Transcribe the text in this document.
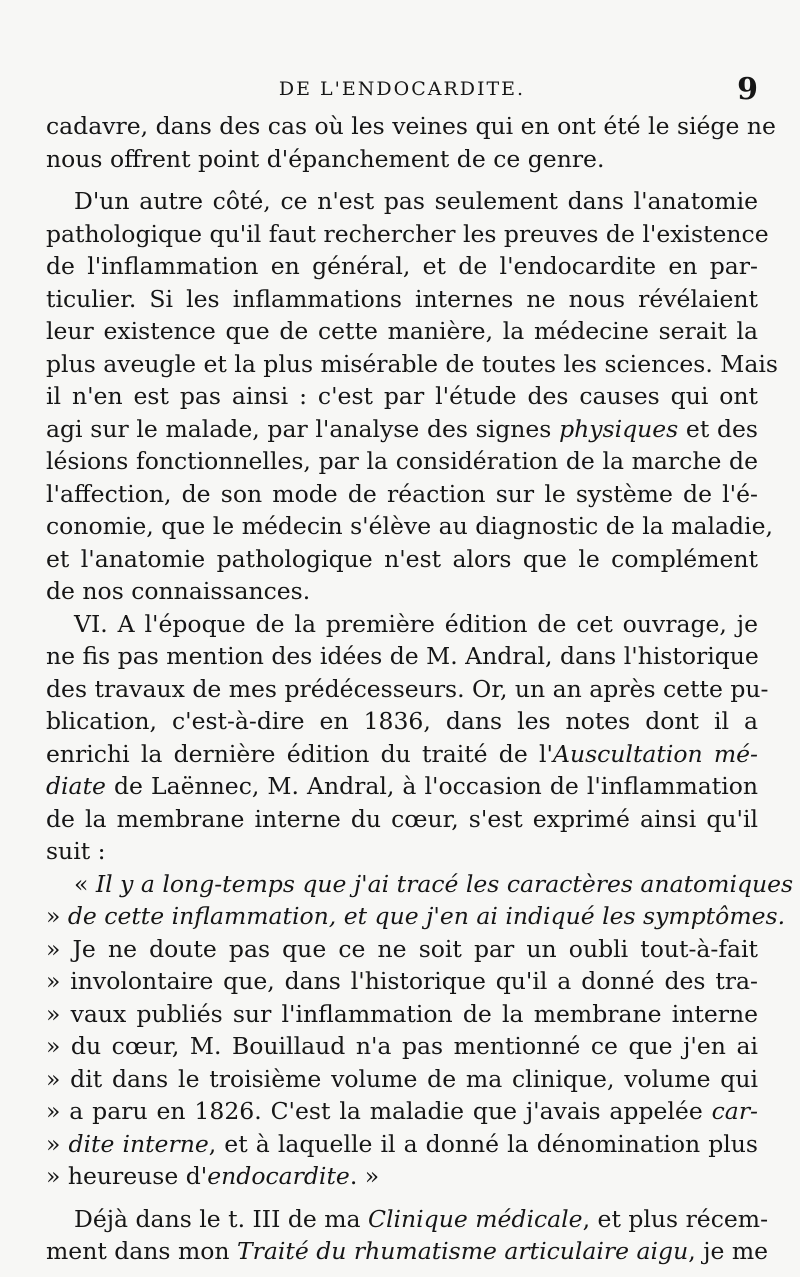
DE L'ENDOCARDITE.	9
cadavre, dans des cas où les veines qui en ont été le siége ne
nous offrent point d'épanchement de ce genre.
D'un autre côté, ce n'est pas seulement dans l'anatomie
pathologique qu'il faut rechercher les preuves de l'existence
de l'inflammation en général, et de l'endocardite en par-
ticulier. Si les inflammations internes ne nous révélaient
leur existence que de cette manière, la médecine serait la
plus aveugle et la plus misérable de toutes les sciences. Mais
il n'en est pas ainsi : c'est par l'étude des causes qui ont
agi sur le malade, par l'analyse des signes physiques et des
lésions fonctionnelles, par la considération de la marche de
l'affection, de son mode de réaction sur le système de l'é-
conomie, que le médecin s'élève au diagnostic de la maladie,
et l'anatomie pathologique n'est alors que le complément
de nos connaissances.
VI. A l'époque de la première édition de cet ouvrage, je
ne fis pas mention des idées de M. Andral, dans l'historique
des travaux de mes prédécesseurs. Or, un an après cette pu-
blication, c'est-à-dire en 1836, dans les notes dont il a
enrichi la dernière édition du traité de l'Auscultation mé-
diate de Laënnec, M. Andral, à l'occasion de l'inflammation
de la membrane interne du cœur, s'est exprimé ainsi qu'il
suit :
« Il y a long-temps que j'ai tracé les caractères anatomiques
» de cette inflammation, et que j'en ai indiqué les symptômes.
» Je ne doute pas que ce ne soit par un oubli tout-à-fait
» involontaire que, dans l'historique qu'il a donné des tra-
» vaux publiés sur l'inflammation de la membrane interne
» du cœur, M. Bouillaud n'a pas mentionné ce que j'en ai
» dit dans le troisième volume de ma clinique, volume qui
» a paru en 1826. C'est la maladie que j'avais appelée car-
» dite interne, et à laquelle il a donné la dénomination plus
» heureuse d'endocardite. »
Déjà dans le t. III de ma Clinique médicale, et plus récem-
ment dans mon Traité du rhumatisme articulaire aigu, je me
